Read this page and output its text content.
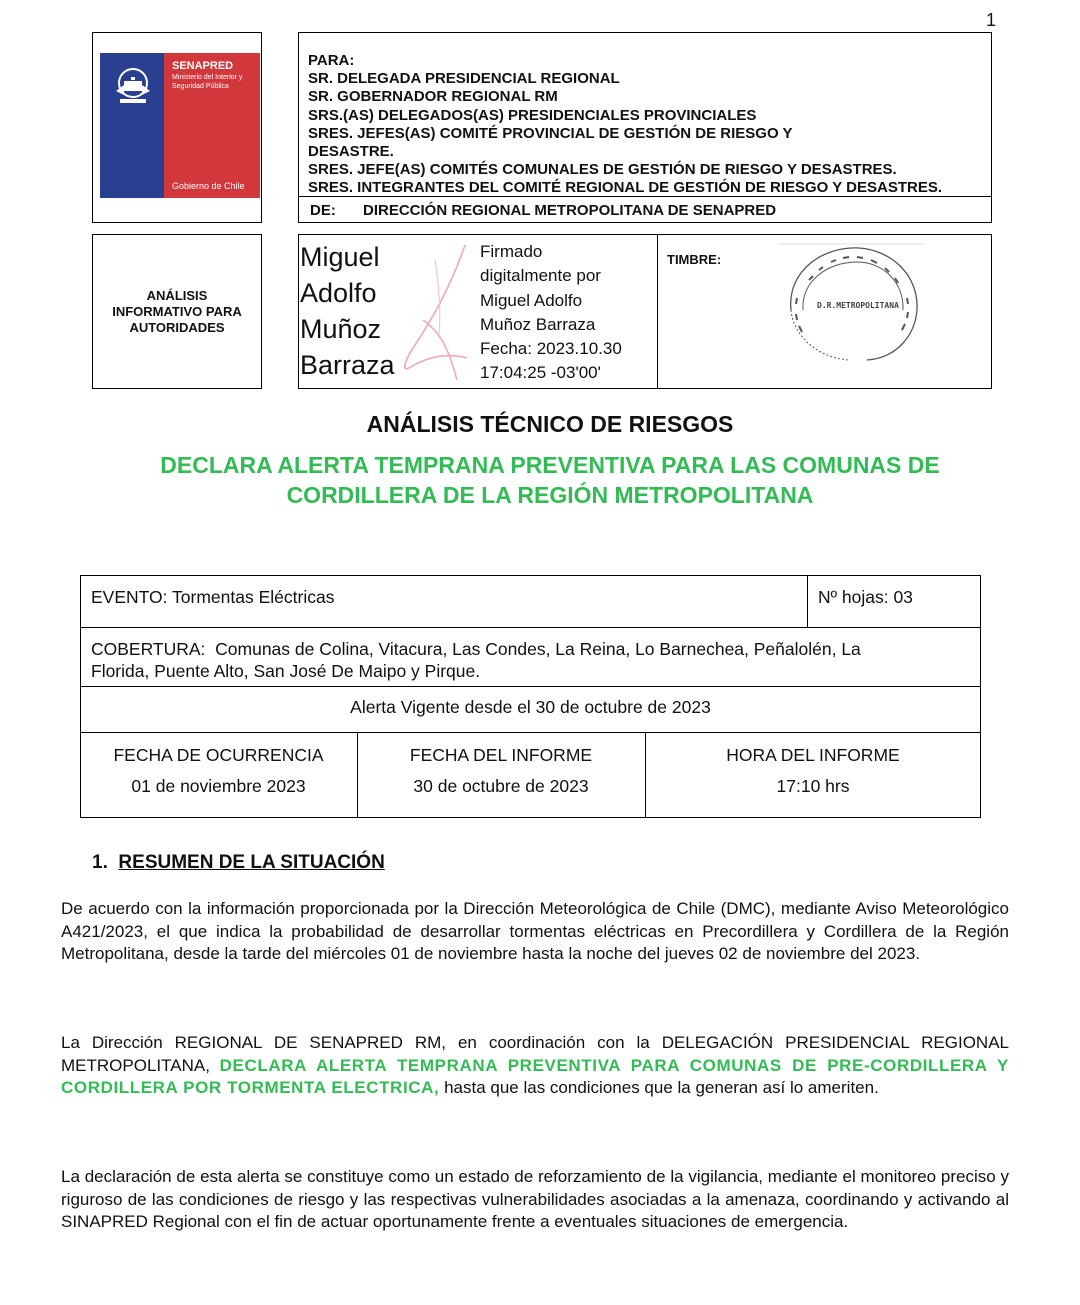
1
SENAPRED
Ministerio del Interior y Seguridad Pública
Gobierno de Chile
PARA:
SR. DELEGADA PRESIDENCIAL REGIONAL
SR. GOBERNADOR REGIONAL RM
SRS.(AS) DELEGADOS(AS) PRESIDENCIALES PROVINCIALES
SRES. JEFES(AS) COMITÉ PROVINCIAL DE GESTIÓN DE RIESGO Y
DESASTRE.
SRES. JEFE(AS) COMITÉS COMUNALES DE GESTIÓN DE RIESGO Y DESASTRES.
SRES. INTEGRANTES DEL COMITÉ REGIONAL DE GESTIÓN DE RIESGO Y DESASTRES.
DE: DIRECCIÓN REGIONAL METROPOLITANA DE SENAPRED
ANÁLISIS
INFORMATIVO PARA
AUTORIDADES
Miguel
Adolfo
Muñoz
Barraza
Firmado
digitalmente por
Miguel Adolfo
Muñoz Barraza
Fecha: 2023.10.30
17:04:25 -03'00'
TIMBRE:
D.R.METROPOLITANA
ANÁLISIS TÉCNICO DE RIESGOS
DECLARA ALERTA TEMPRANA PREVENTIVA PARA LAS COMUNAS DE
CORDILLERA DE LA REGIÓN METROPOLITANA
EVENTO: Tormentas Eléctricas	Nº hojas: 03
COBERTURA:  Comunas de Colina, Vitacura, Las Condes, La Reina, Lo Barnechea, Peñalolén, La
Florida, Puente Alto, San José De Maipo y Pirque.
Alerta Vigente desde el 30 de octubre de 2023
FECHA DE OCURRENCIA
01 de noviembre 2023
FECHA DEL INFORME
30 de octubre de 2023
HORA DEL INFORME
17:10 hrs
1. RESUMEN DE LA SITUACIÓN
De acuerdo con la información proporcionada por la Dirección Meteorológica de Chile (DMC), mediante Aviso Meteorológico A421/2023, el que indica la probabilidad de desarrollar tormentas eléctricas en Precordillera y Cordillera de la Región Metropolitana, desde la tarde del miércoles 01 de noviembre hasta la noche del jueves 02 de noviembre del 2023.
La Dirección REGIONAL DE SENAPRED RM, en coordinación con la DELEGACIÓN PRESIDENCIAL REGIONAL METROPOLITANA, DECLARA ALERTA TEMPRANA PREVENTIVA PARA COMUNAS DE PRE-CORDILLERA Y CORDILLERA POR TORMENTA ELECTRICA, hasta que las condiciones que la generan así lo ameriten.
La declaración de esta alerta se constituye como un estado de reforzamiento de la vigilancia, mediante el monitoreo preciso y riguroso de las condiciones de riesgo y las respectivas vulnerabilidades asociadas a la amenaza, coordinando y activando al SINAPRED Regional con el fin de actuar oportunamente frente a eventuales situaciones de emergencia.
